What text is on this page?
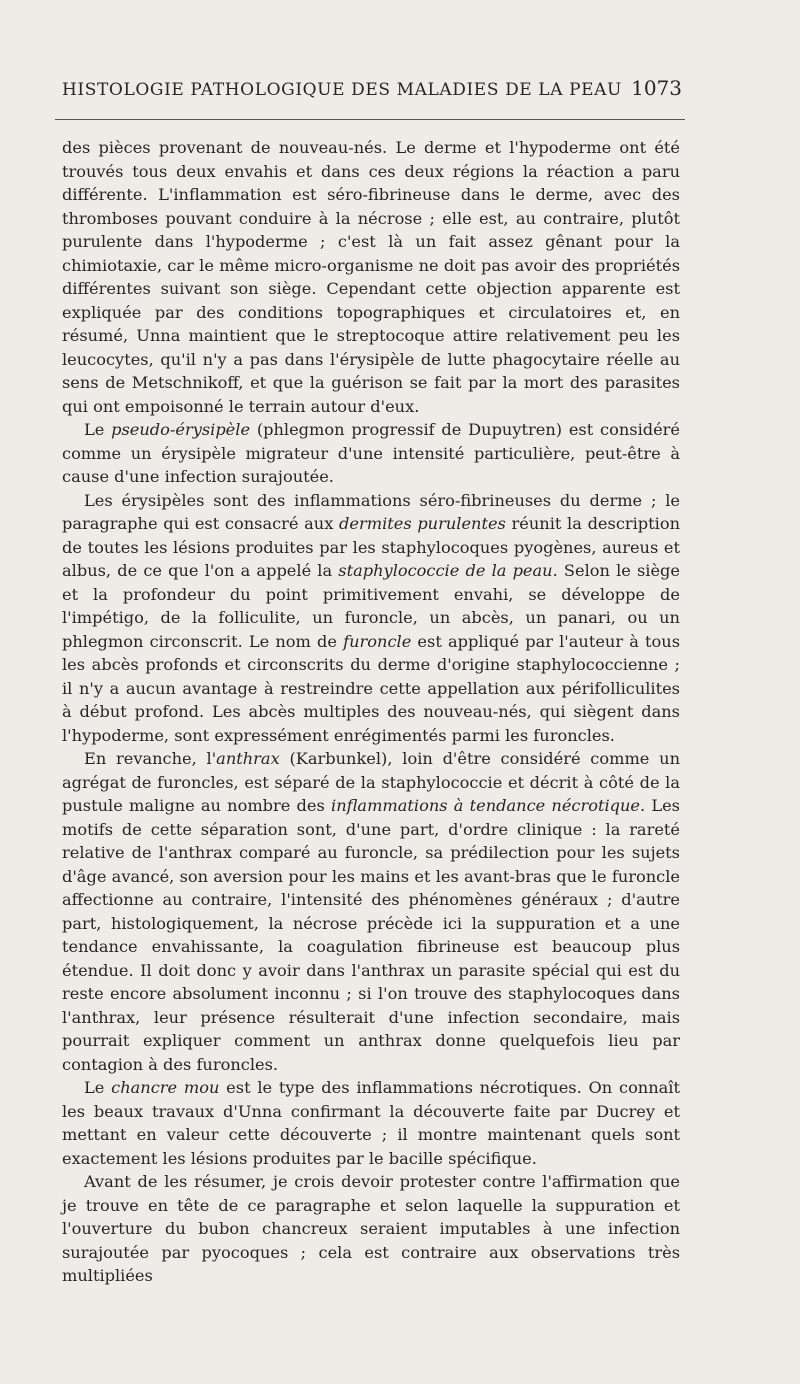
HISTOLOGIE PATHOLOGIQUE DES MALADIES DE LA PEAU 1073

des pièces provenant de nouveau-nés. Le derme et l'hypoderme ont été trouvés tous deux envahis et dans ces deux régions la réaction a paru différente. L'inflammation est séro-fibrineuse dans le derme, avec des thromboses pouvant conduire à la nécrose ; elle est, au contraire, plutôt purulente dans l'hypoderme ; c'est là un fait assez gênant pour la chimiotaxie, car le même micro-organisme ne doit pas avoir des propriétés différentes suivant son siège. Cependant cette objection apparente est expliquée par des conditions topographiques et circulatoires et, en résumé, Unna maintient que le streptocoque attire relativement peu les leucocytes, qu'il n'y a pas dans l'érysipèle de lutte phagocytaire réelle au sens de Metschnikoff, et que la guérison se fait par la mort des parasites qui ont empoisonné le terrain autour d'eux.

Le pseudo-érysipèle (phlegmon progressif de Dupuytren) est considéré comme un érysipèle migrateur d'une intensité particulière, peut-être à cause d'une infection surajoutée.

Les érysipèles sont des inflammations séro-fibrineuses du derme ; le paragraphe qui est consacré aux dermites purulentes réunit la description de toutes les lésions produites par les staphylocoques pyogènes, aureus et albus, de ce que l'on a appelé la staphylococcie de la peau. Selon le siège et la profondeur du point primitivement envahi, se développe de l'impétigo, de la folliculite, un furoncle, un abcès, un panari, ou un phlegmon circonscrit. Le nom de furoncle est appliqué par l'auteur à tous les abcès profonds et circonscrits du derme d'origine staphylococcienne ; il n'y a aucun avantage à restreindre cette appellation aux périfolliculites à début profond. Les abcès multiples des nouveau-nés, qui siègent dans l'hypoderme, sont expressément enrégimentés parmi les furoncles.

En revanche, l'anthrax (Karbunkel), loin d'être considéré comme un agrégat de furoncles, est séparé de la staphylococcie et décrit à côté de la pustule maligne au nombre des inflammations à tendance nécrotique. Les motifs de cette séparation sont, d'une part, d'ordre clinique : la rareté relative de l'anthrax comparé au furoncle, sa prédilection pour les sujets d'âge avancé, son aversion pour les mains et les avant-bras que le furoncle affectionne au contraire, l'intensité des phénomènes généraux ; d'autre part, histologiquement, la nécrose précède ici la suppuration et a une tendance envahissante, la coagulation fibrineuse est beaucoup plus étendue. Il doit donc y avoir dans l'anthrax un parasite spécial qui est du reste encore absolument inconnu ; si l'on trouve des staphylocoques dans l'anthrax, leur présence résulterait d'une infection secondaire, mais pourrait expliquer comment un anthrax donne quelquefois lieu par contagion à des furoncles.

Le chancre mou est le type des inflammations nécrotiques. On connaît les beaux travaux d'Unna confirmant la découverte faite par Ducrey et mettant en valeur cette découverte ; il montre maintenant quels sont exactement les lésions produites par le bacille spécifique.

Avant de les résumer, je crois devoir protester contre l'affirmation que je trouve en tête de ce paragraphe et selon laquelle la suppuration et l'ouverture du bubon chancreux seraient imputables à une infection surajoutée par pyocoques ; cela est contraire aux observations très multipliées
